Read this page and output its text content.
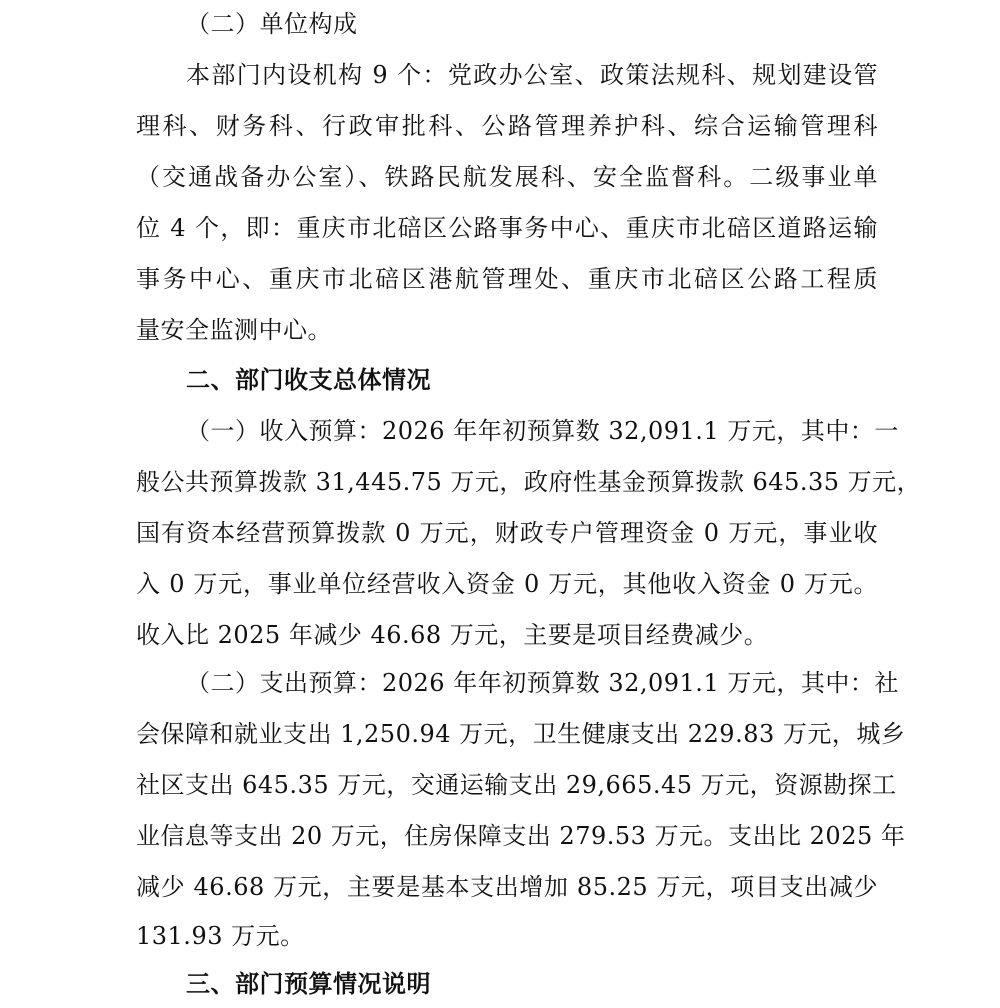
（二）单位构成
本部门内设机构 9 个：党政办公室、政策法规科、规划建设管
理科、财务科、行政审批科、公路管理养护科、综合运输管理科
（交通战备办公室）、铁路民航发展科、安全监督科。二级事业单
位 4 个，即：重庆市北碚区公路事务中心、重庆市北碚区道路运输
事务中心、重庆市北碚区港航管理处、重庆市北碚区公路工程质
量安全监测中心。
二、部门收支总体情况
（一）收入预算：2026 年年初预算数 32,091.1 万元，其中：一
般公共预算拨款 31,445.75 万元，政府性基金预算拨款 645.35 万元，
国有资本经营预算拨款 0 万元，财政专户管理资金 0 万元，事业收
入 0 万元，事业单位经营收入资金 0 万元，其他收入资金 0 万元。
收入比 2025 年减少 46.68 万元，主要是项目经费减少。
（二）支出预算：2026 年年初预算数 32,091.1 万元，其中：社
会保障和就业支出 1,250.94 万元，卫生健康支出 229.83 万元，城乡
社区支出 645.35 万元，交通运输支出 29,665.45 万元，资源勘探工
业信息等支出 20 万元，住房保障支出 279.53 万元。支出比 2025 年
减少 46.68 万元，主要是基本支出增加 85.25 万元，项目支出减少
131.93 万元。
三、部门预算情况说明
